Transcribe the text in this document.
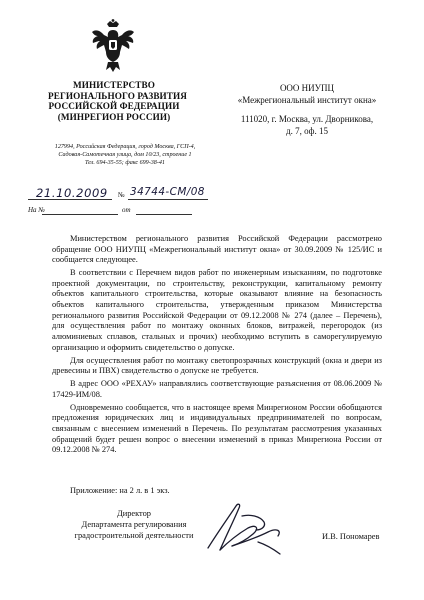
МИНИСТЕРСТВО
РЕГИОНАЛЬНОГО РАЗВИТИЯ
РОССИЙСКОЙ ФЕДЕРАЦИИ
(МИНРЕГИОН РОССИИ)
127994, Российская Федерация, город Москва, ГСП-4,
Садовая-Самотечная улица, дом 10/23, строение 1
Тел. 694-35-55; факс 699-38-41
21.10.2009 № 34744-СМ/08
На №	от
ООО НИУПЦ
«Межрегиональный институт окна»
111020, г. Москва, ул. Дворникова,
д. 7, оф. 15

Министерством регионального развития Российской Федерации рассмотрено обращение ООО НИУПЦ «Межрегиональный институт окна» от 30.09.2009 № 125/ИС и сообщается следующее.

В соответствии с Перечнем видов работ по инженерным изысканиям, по подготовке проектной документации, по строительству, реконструкции, капитальному ремонту объектов капитального строительства, которые оказывают влияние на безопасность объектов капитального строительства, утвержденным приказом Министерства регионального развития Российской Федерации от 09.12.2008 № 274 (далее – Перечень), для осуществления работ по монтажу оконных блоков, витражей, перегородок (из алюминиевых сплавов, стальных и прочих) необходимо вступить в саморегулируемую организацию и оформить свидетельство о допуске.

Для осуществления работ по монтажу светопрозрачных конструкций (окна и двери из древесины и ПВХ) свидетельство о допуске не требуется.

В адрес ООО «РЕХАУ» направлялись соответствующие разъяснения от 08.06.2009 № 17429-ИМ/08.

Одновременно сообщается, что в настоящее время Минрегионом России обобщаются предложения юридических лиц и индивидуальных предпринимателей по вопросам, связанным с внесением изменений в Перечень. По результатам рассмотрения указанных обращений будет решен вопрос о внесении изменений в приказ Минрегиона России от 09.12.2008 № 274.

Приложение: на 2 л. в 1 экз.
Директор
Департамента регулирования
градостроительной деятельности	И.В. Пономарев
